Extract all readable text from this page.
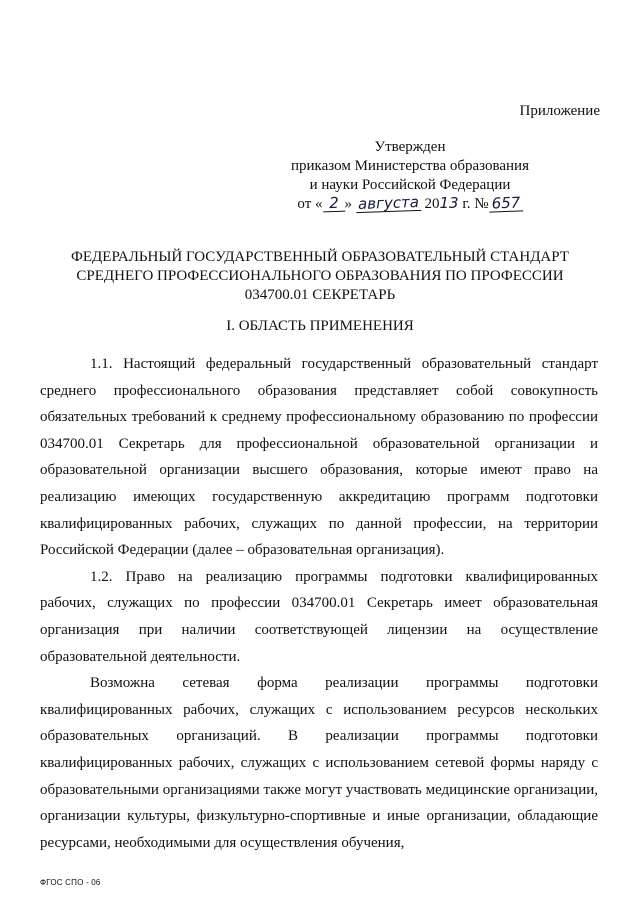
Приложение
Утвержден
приказом Министерства образования
и науки Российской Федерации
от « 2 » августа 2013 г. № 657
ФЕДЕРАЛЬНЫЙ ГОСУДАРСТВЕННЫЙ ОБРАЗОВАТЕЛЬНЫЙ СТАНДАРТ
СРЕДНЕГО ПРОФЕССИОНАЛЬНОГО ОБРАЗОВАНИЯ ПО ПРОФЕССИИ
034700.01 СЕКРЕТАРЬ
I. ОБЛАСТЬ ПРИМЕНЕНИЯ

1.1. Настоящий федеральный государственный образовательный стандарт среднего профессионального образования представляет собой совокупность обязательных требований к среднему профессиональному образованию по профессии 034700.01 Секретарь для профессиональной образовательной организации и образовательной организации высшего образования, которые имеют право на реализацию имеющих государственную аккредитацию программ подготовки квалифицированных рабочих, служащих по данной профессии, на территории Российской Федерации (далее – образовательная организация).

1.2. Право на реализацию программы подготовки квалифицированных рабочих, служащих по профессии 034700.01 Секретарь имеет образовательная организация при наличии соответствующей лицензии на осуществление образовательной деятельности.

Возможна сетевая форма реализации программы подготовки квалифицированных рабочих, служащих с использованием ресурсов нескольких образовательных организаций. В реализации программы подготовки квалифицированных рабочих, служащих с использованием сетевой формы наряду с образовательными организациями также могут участвовать медицинские организации, организации культуры, физкультурно-спортивные и иные организации, обладающие ресурсами, необходимыми для осуществления обучения,

ФГОС СПО - 06
